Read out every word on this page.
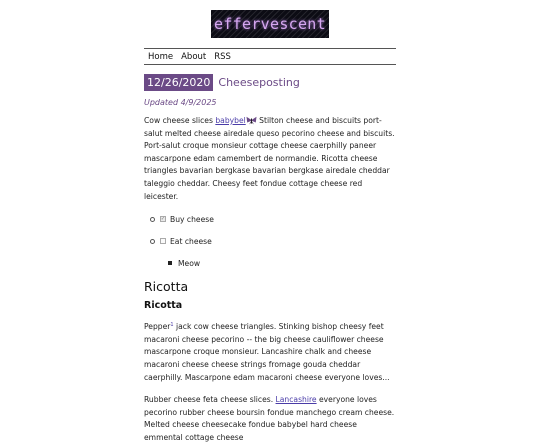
effervescent
Home About RSS
12/26/2020 Cheeseposting
Updated 4/9/2025

Cow cheese slices babybel Stilton cheese and biscuits port-salut melted cheese airedale queso pecorino cheese and biscuits. Port-salut croque monsieur cottage cheese caerphilly paneer mascarpone edam camembert de normandie. Ricotta cheese triangles bavarian bergkase bavarian bergkase airedale cheddar taleggio cheddar. Cheesy feet fondue cottage cheese red leicester.

✓ Buy cheese
Eat cheese
Meow
Ricotta
Ricotta

Pepper$^1$ jack cow cheese triangles. Stinking bishop cheesy feet macaroni cheese pecorino -- the big cheese cauliflower cheese mascarpone croque monsieur. Lancashire chalk and cheese macaroni cheese cheese strings fromage gouda cheddar caerphilly. Mascarpone edam macaroni cheese everyone loves...

Rubber cheese feta cheese slices. Lancashire everyone loves pecorino rubber cheese boursin fondue manchego cream cheese. Melted cheese cheesecake fondue babybel hard cheese emmental cottage cheese
